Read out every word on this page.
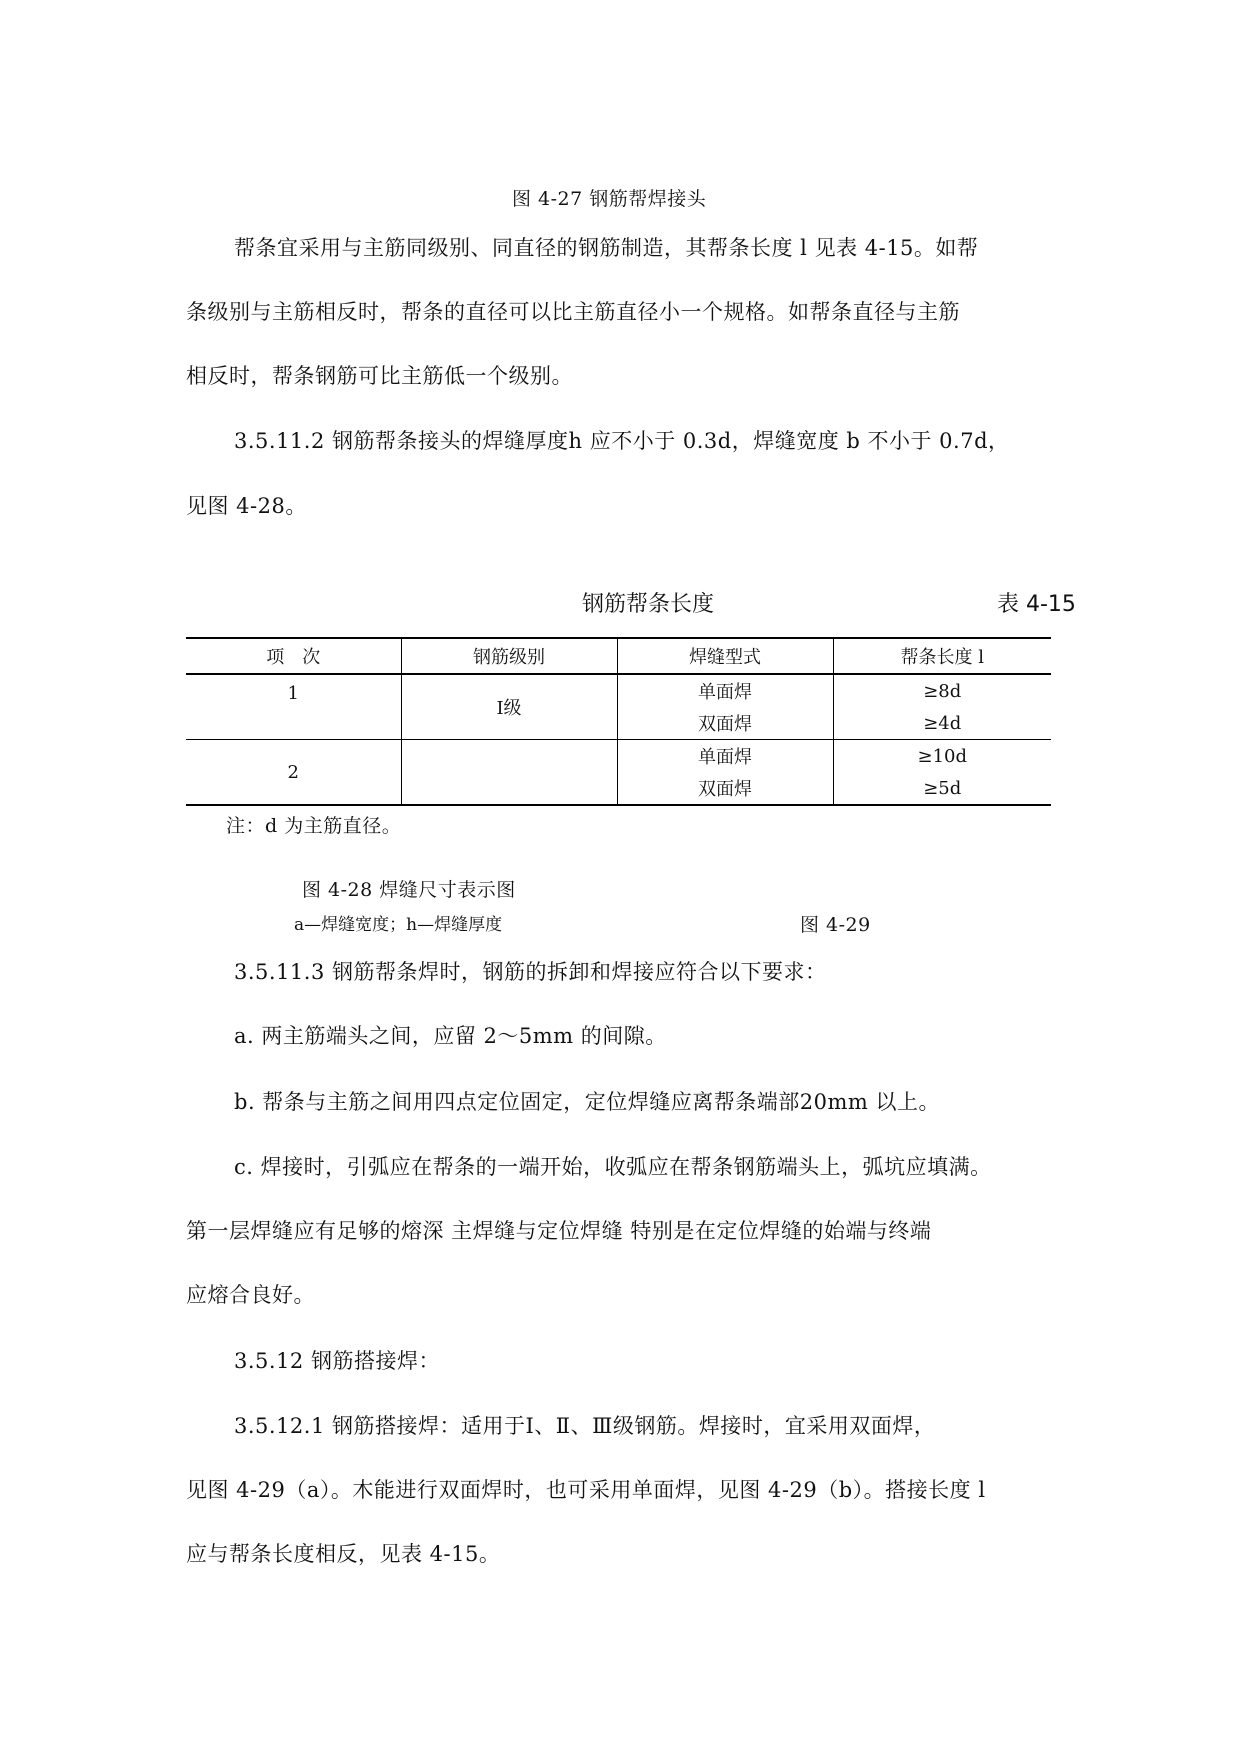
图 4-27 钢筋帮焊接头
帮条宜采用与主筋同级别、同直径的钢筋制造，其帮条长度 l 见表 4-15。如帮
条级别与主筋相反时，帮条的直径可以比主筋直径小一个规格。如帮条直径与主筋
相反时，帮条钢筋可比主筋低一个级别。
3.5.11.2 钢筋帮条接头的焊缝厚度h 应不小于 0.3d，焊缝宽度 b 不小于 0.7d，
见图 4-28。
钢筋帮条长度	表 4-15
项　次	钢筋级别	焊缝型式	帮条长度 l
1	Ⅰ级	单面焊	≥8d
		双面焊	≥4d
2		单面焊	≥10d
		双面焊	≥5d
注：d 为主筋直径。
图 4-28 焊缝尺寸表示图
a—焊缝宽度；h—焊缝厚度	图 4-29
3.5.11.3 钢筋帮条焊时，钢筋的拆卸和焊接应符合以下要求：
a. 两主筋端头之间，应留 2～5mm 的间隙。
b. 帮条与主筋之间用四点定位固定，定位焊缝应离帮条端部20mm 以上。
c. 焊接时，引弧应在帮条的一端开始，收弧应在帮条钢筋端头上，弧坑应填满。
第一层焊缝应有足够的熔深 主焊缝与定位焊缝 特别是在定位焊缝的始端与终端
应熔合良好。
3.5.12 钢筋搭接焊：
3.5.12.1 钢筋搭接焊：适用于Ⅰ、Ⅱ、Ⅲ级钢筋。焊接时，宜采用双面焊，
见图 4-29（a）。木能进行双面焊时，也可采用单面焊，见图 4-29（b）。搭接长度 l
应与帮条长度相反，见表 4-15。
